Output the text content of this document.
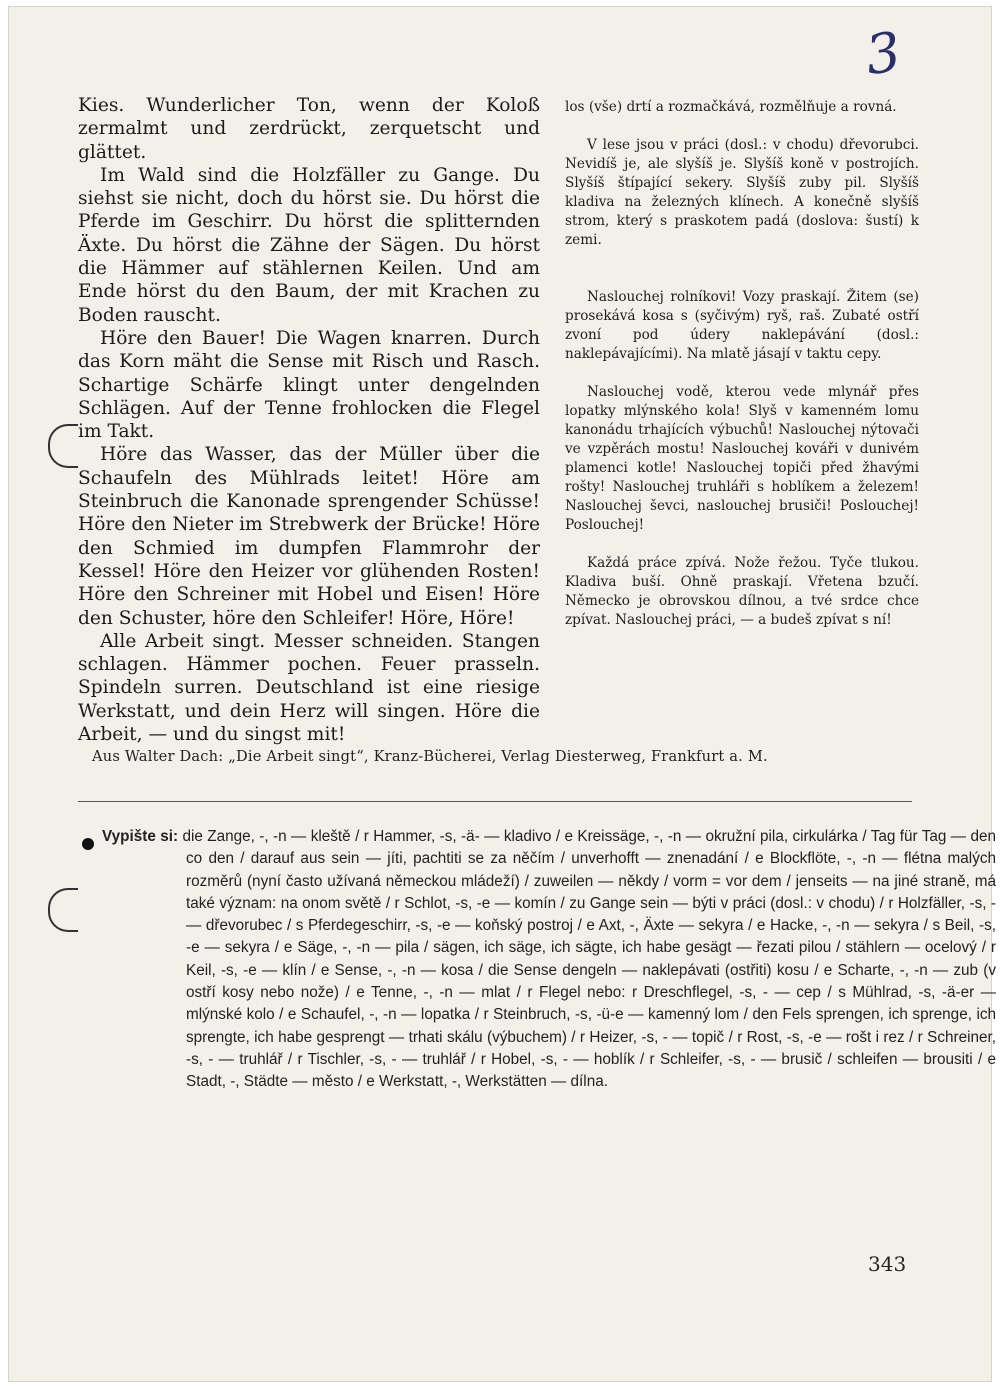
3

Kies. Wunderlicher Ton, wenn der Koloß zermalmt und zerdrückt, zerquetscht und glättet.

Im Wald sind die Holzfäller zu Gange. Du siehst sie nicht, doch du hörst sie. Du hörst die Pferde im Geschirr. Du hörst die splitternden Äxte. Du hörst die Zähne der Sägen. Du hörst die Hämmer auf stählernen Keilen. Und am Ende hörst du den Baum, der mit Krachen zu Boden rauscht.

Höre den Bauer! Die Wagen knarren. Durch das Korn mäht die Sense mit Risch und Rasch. Schartige Schärfe klingt unter dengelnden Schlägen. Auf der Tenne frohlocken die Flegel im Takt.

Höre das Wasser, das der Müller über die Schaufeln des Mühlrads leitet! Höre am Steinbruch die Kanonade sprengender Schüsse! Höre den Nieter im Strebwerk der Brücke! Höre den Schmied im dumpfen Flammrohr der Kessel! Höre den Heizer vor glühenden Rosten! Höre den Schreiner mit Hobel und Eisen! Höre den Schuster, höre den Schleifer! Höre, Höre!

Alle Arbeit singt. Messer schneiden. Stangen schlagen. Hämmer pochen. Feuer prasseln. Spindeln surren. Deutschland ist eine riesige Werkstatt, und dein Herz will singen. Höre die Arbeit, — und du singst mit!

los (vše) drtí a rozmačkává, rozmělňuje a rovná.

V lese jsou v práci (dosl.: v chodu) dřevorubci. Nevidíš je, ale slyšíš je. Slyšíš koně v postrojích. Slyšíš štípající sekery. Slyšíš zuby pil. Slyšíš kladiva na železných klínech. A konečně slyšíš strom, který s praskotem padá (doslova: šustí) k zemi.

Naslouchej rolníkovi! Vozy praskají. Žitem (se) prosekává kosa s (syčivým) ryš, raš. Zubaté ostří zvoní pod údery naklepávání (dosl.: naklepávajícími). Na mlatě jásají v taktu cepy.

Naslouchej vodě, kterou vede mlynář přes lopatky mlýnského kola! Slyš v kamenném lomu kanonádu trhajících výbuchů! Naslouchej nýtovači ve vzpěrách mostu! Naslouchej kováři v dunivém plamenci kotle! Naslouchej topiči před žhavými rošty! Naslouchej truhláři s hoblíkem a železem! Naslouchej ševci, naslouchej brusiči! Poslouchej! Poslouchej!

Každá práce zpívá. Nože řežou. Tyče tlukou. Kladiva buší. Ohně praskají. Vřetena bzučí. Německo je obrovskou dílnou, a tvé srdce chce zpívat. Naslouchej práci, — a budeš zpívat s ní!

Aus Walter Dach: „Die Arbeit singt“, Kranz-Bücherei, Verlag Diesterweg, Frankfurt a. M.
Vypište si: die Zange, -, -n — kleště / r Hammer, -s, -ä- — kladivo / e Kreissäge, -, -n — okružní pila, cirkulárka / Tag für Tag — den co den / darauf aus sein — jíti, pachtiti se za něčím / unverhofft — znenadání / e Blockflöte, -, -n — flétna malých rozměrů (nyní často užívaná německou mládeží) / zuweilen — někdy / vorm = vor dem / jenseits — na jiné straně, má také význam: na onom světě / r Schlot, -s, -e — komín / zu Gange sein — býti v práci (dosl.: v chodu) / r Holzfäller, -s, - — dřevorubec / s Pferdegeschirr, -s, -e — koňský postroj / e Axt, -, Äxte — sekyra / e Hacke, -, -n — sekyra / s Beil, -s, -e — sekyra / e Säge, -, -n — pila / sägen, ich säge, ich sägte, ich habe gesägt — řezati pilou / stählern — ocelový / r Keil, -s, -e — klín / e Sense, -, -n — kosa / die Sense dengeln — naklepávati (ostřiti) kosu / e Scharte, -, -n — zub (v ostří kosy nebo nože) / e Tenne, -, -n — mlat / r Flegel nebo: r Dreschflegel, -s, - — cep / s Mühlrad, -s, -ä-er — mlýnské kolo / e Schaufel, -, -n — lopatka / r Steinbruch, -s, -ü-e — kamenný lom / den Fels sprengen, ich sprenge, ich sprengte, ich habe gesprengt — trhati skálu (výbuchem) / r Heizer, -s, - — topič / r Rost, -s, -e — rošt i rez / r Schreiner, -s, - — truhlář / r Tischler, -s, - — truhlář / r Hobel, -s, - — hoblík / r Schleifer, -s, - — brusič / schleifen — brousiti / e Stadt, -, Städte — město / e Werkstatt, -, Werkstätten — dílna.
343
